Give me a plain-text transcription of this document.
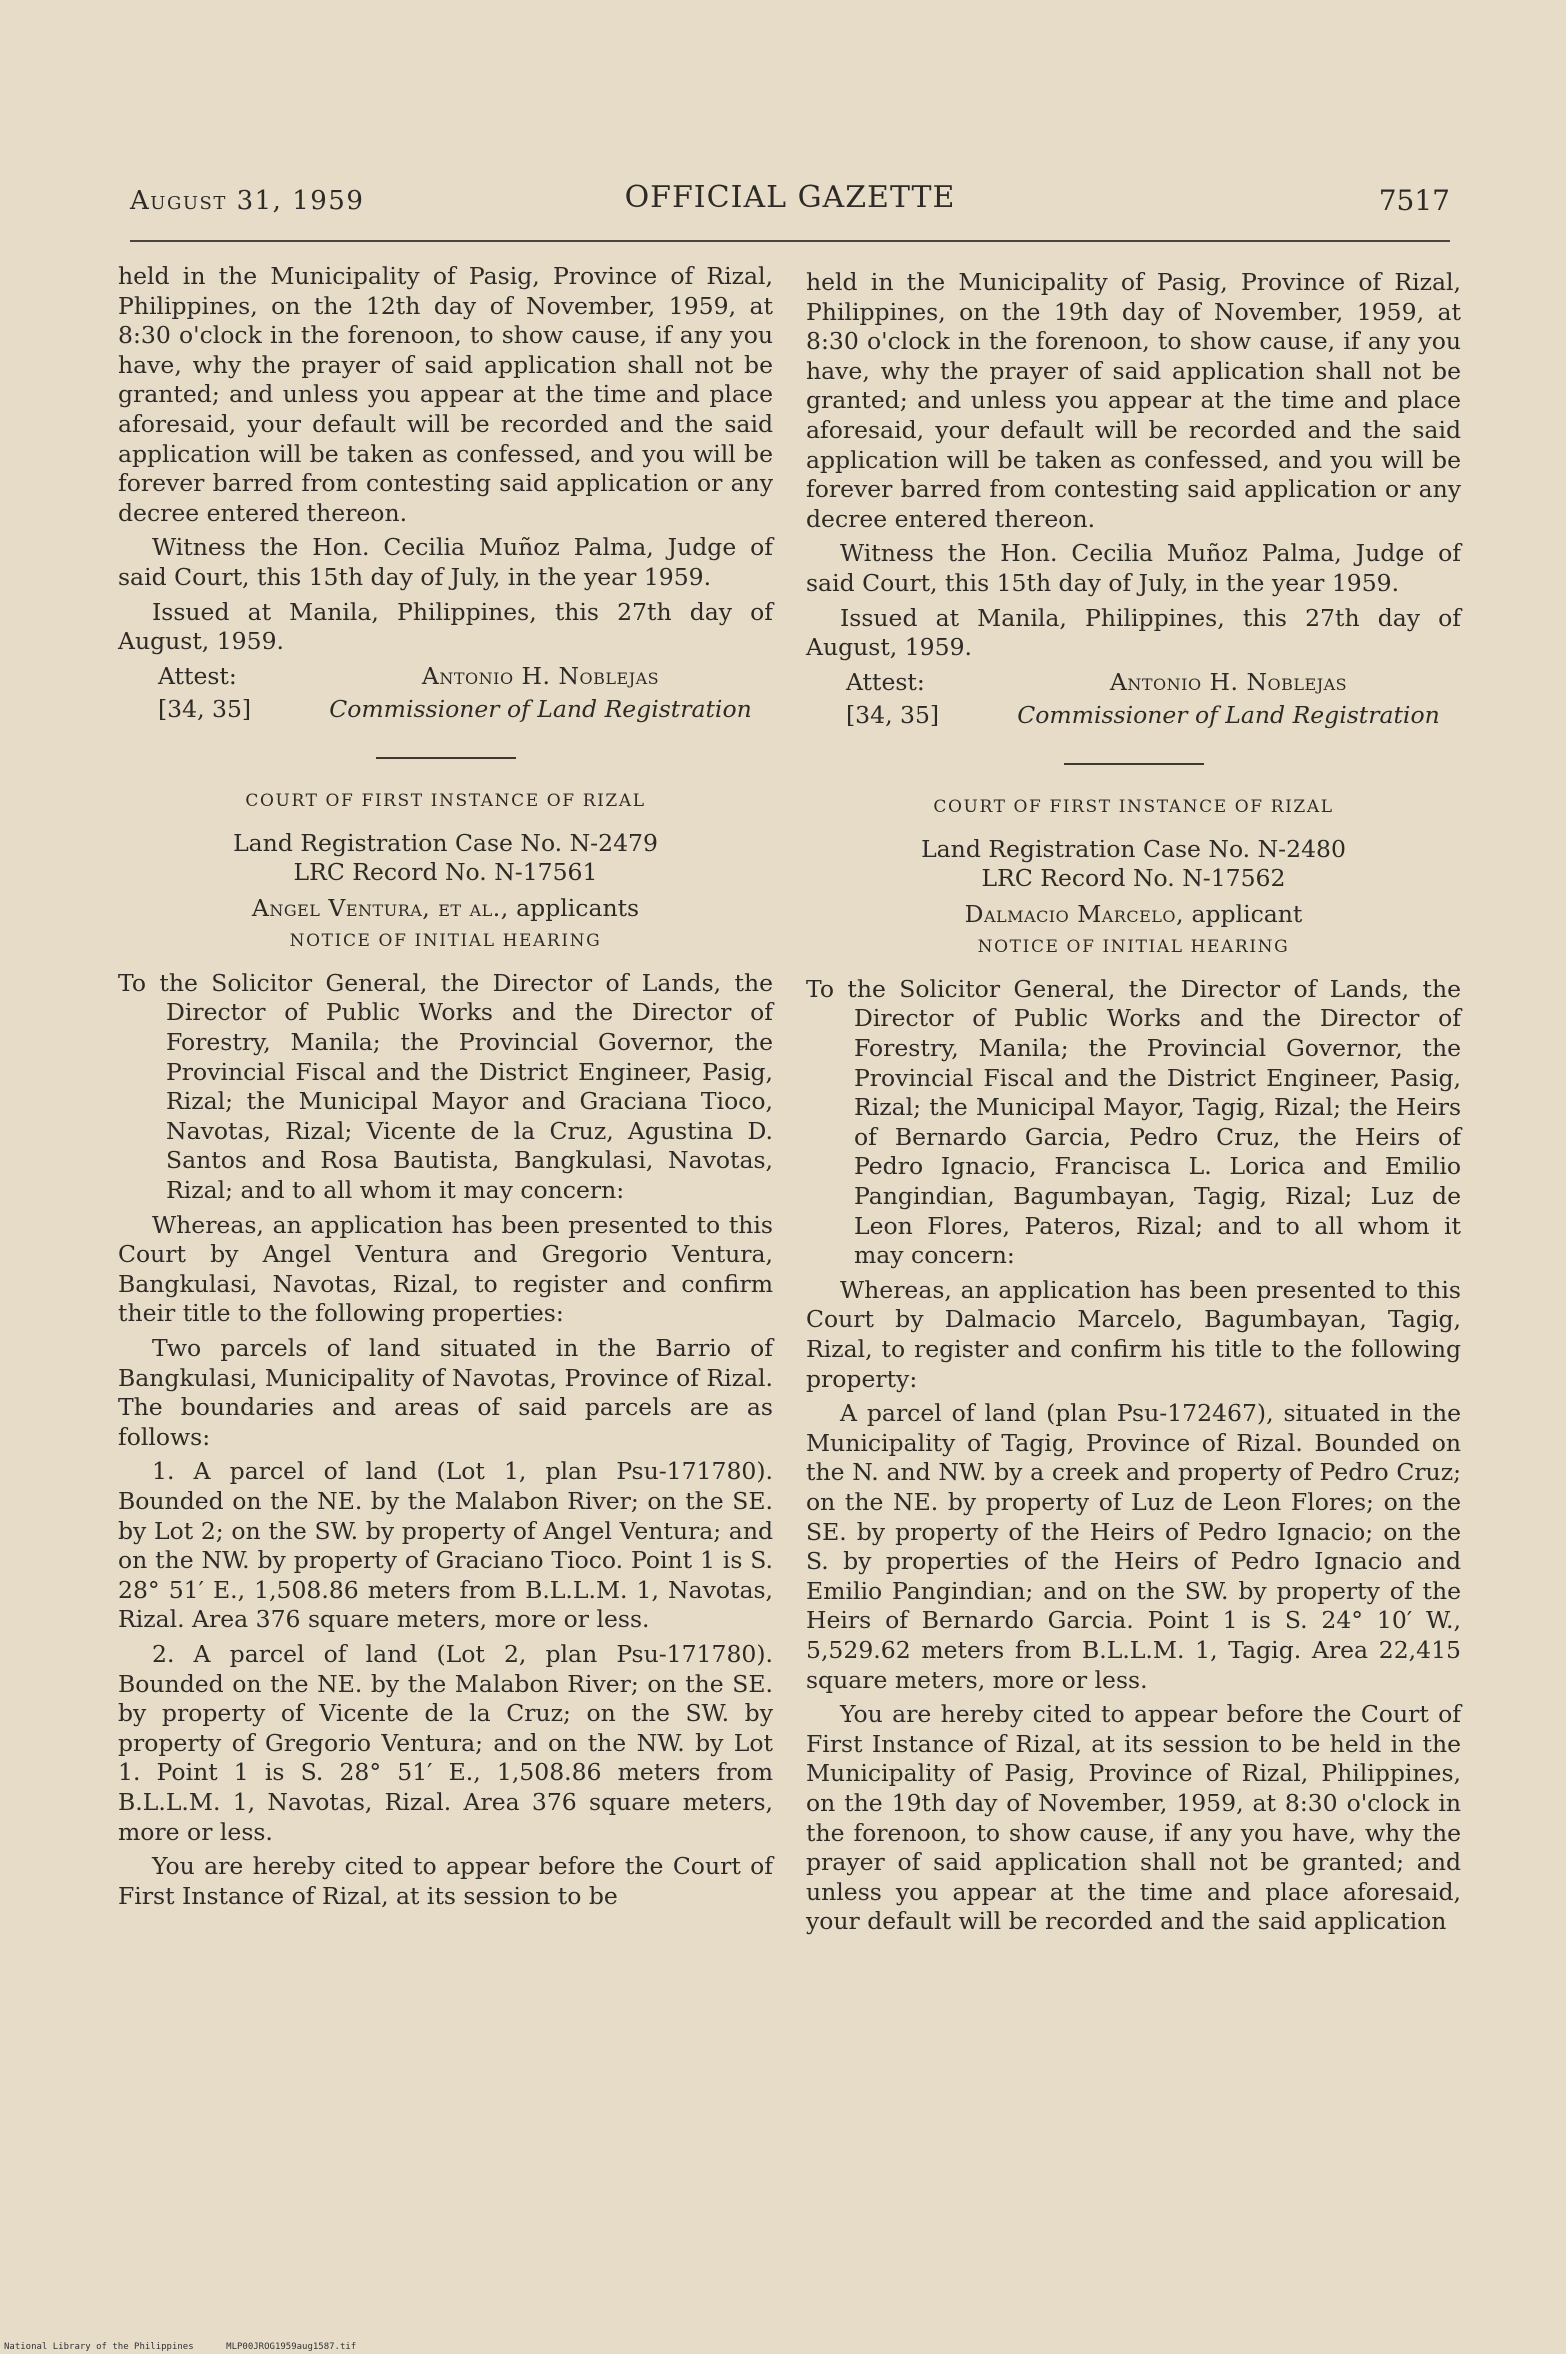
August 31, 1959	OFFICIAL GAZETTE	7517

held in the Municipality of Pasig, Province of Rizal, Philippines, on the 12th day of November, 1959, at 8:30 o'clock in the forenoon, to show cause, if any you have, why the prayer of said application shall not be granted; and unless you appear at the time and place aforesaid, your default will be recorded and the said application will be taken as confessed, and you will be forever barred from contesting said application or any decree entered thereon.

Witness the Hon. Cecilia Muñoz Palma, Judge of said Court, this 15th day of July, in the year 1959.

Issued at Manila, Philippines, this 27th day of August, 1959.

Attest:	Antonio H. Noblejas
[34, 35]	Commissioner of Land Registration
COURT OF FIRST INSTANCE OF RIZAL
Land Registration Case No. N-2479
LRC Record No. N-17561
Angel Ventura, et al., applicants
NOTICE OF INITIAL HEARING

To the Solicitor General, the Director of Lands, the Director of Public Works and the Director of Forestry, Manila; the Provincial Governor, the Provincial Fiscal and the District Engineer, Pasig, Rizal; the Municipal Mayor and Graciana Tioco, Navotas, Rizal; Vicente de la Cruz, Agustina D. Santos and Rosa Bautista, Bangkulasi, Navotas, Rizal; and to all whom it may concern:

Whereas, an application has been presented to this Court by Angel Ventura and Gregorio Ventura, Bangkulasi, Navotas, Rizal, to register and confirm their title to the following properties:

Two parcels of land situated in the Barrio of Bangkulasi, Municipality of Navotas, Province of Rizal. The boundaries and areas of said parcels are as follows:

1. A parcel of land (Lot 1, plan Psu-171780). Bounded on the NE. by the Malabon River; on the SE. by Lot 2; on the SW. by property of Angel Ventura; and on the NW. by property of Graciano Tioco. Point 1 is S. 28° 51′ E., 1,508.86 meters from B.L.L.M. 1, Navotas, Rizal. Area 376 square meters, more or less.

2. A parcel of land (Lot 2, plan Psu-171780). Bounded on the NE. by the Malabon River; on the SE. by property of Vicente de la Cruz; on the SW. by property of Gregorio Ventura; and on the NW. by Lot 1. Point 1 is S. 28° 51′ E., 1,508.86 meters from B.L.L.M. 1, Navotas, Rizal. Area 376 square meters, more or less.

You are hereby cited to appear before the Court of First Instance of Rizal, at its session to be

held in the Municipality of Pasig, Province of Rizal, Philippines, on the 19th day of November, 1959, at 8:30 o'clock in the forenoon, to show cause, if any you have, why the prayer of said application shall not be granted; and unless you appear at the time and place aforesaid, your default will be recorded and the said application will be taken as confessed, and you will be forever barred from contesting said application or any decree entered thereon.

Witness the Hon. Cecilia Muñoz Palma, Judge of said Court, this 15th day of July, in the year 1959.

Issued at Manila, Philippines, this 27th day of August, 1959.

Attest:	Antonio H. Noblejas
[34, 35]	Commissioner of Land Registration
COURT OF FIRST INSTANCE OF RIZAL
Land Registration Case No. N-2480
LRC Record No. N-17562
Dalmacio Marcelo, applicant
NOTICE OF INITIAL HEARING

To the Solicitor General, the Director of Lands, the Director of Public Works and the Director of Forestry, Manila; the Provincial Governor, the Provincial Fiscal and the District Engineer, Pasig, Rizal; the Municipal Mayor, Tagig, Rizal; the Heirs of Bernardo Garcia, Pedro Cruz, the Heirs of Pedro Ignacio, Francisca L. Lorica and Emilio Pangindian, Bagumbayan, Tagig, Rizal; Luz de Leon Flores, Pateros, Rizal; and to all whom it may concern:

Whereas, an application has been presented to this Court by Dalmacio Marcelo, Bagumbayan, Tagig, Rizal, to register and confirm his title to the following property:

A parcel of land (plan Psu-172467), situated in the Municipality of Tagig, Province of Rizal. Bounded on the N. and NW. by a creek and property of Pedro Cruz; on the NE. by property of Luz de Leon Flores; on the SE. by property of the Heirs of Pedro Ignacio; on the S. by properties of the Heirs of Pedro Ignacio and Emilio Pangindian; and on the SW. by property of the Heirs of Bernardo Garcia. Point 1 is S. 24° 10′ W., 5,529.62 meters from B.L.L.M. 1, Tagig. Area 22,415 square meters, more or less.

You are hereby cited to appear before the Court of First Instance of Rizal, at its session to be held in the Municipality of Pasig, Province of Rizal, Philippines, on the 19th day of November, 1959, at 8:30 o'clock in the forenoon, to show cause, if any you have, why the prayer of said application shall not be granted; and unless you appear at the time and place aforesaid, your default will be recorded and the said application

National Library of the Philippines	MLP00JROG1959aug1587.tif
